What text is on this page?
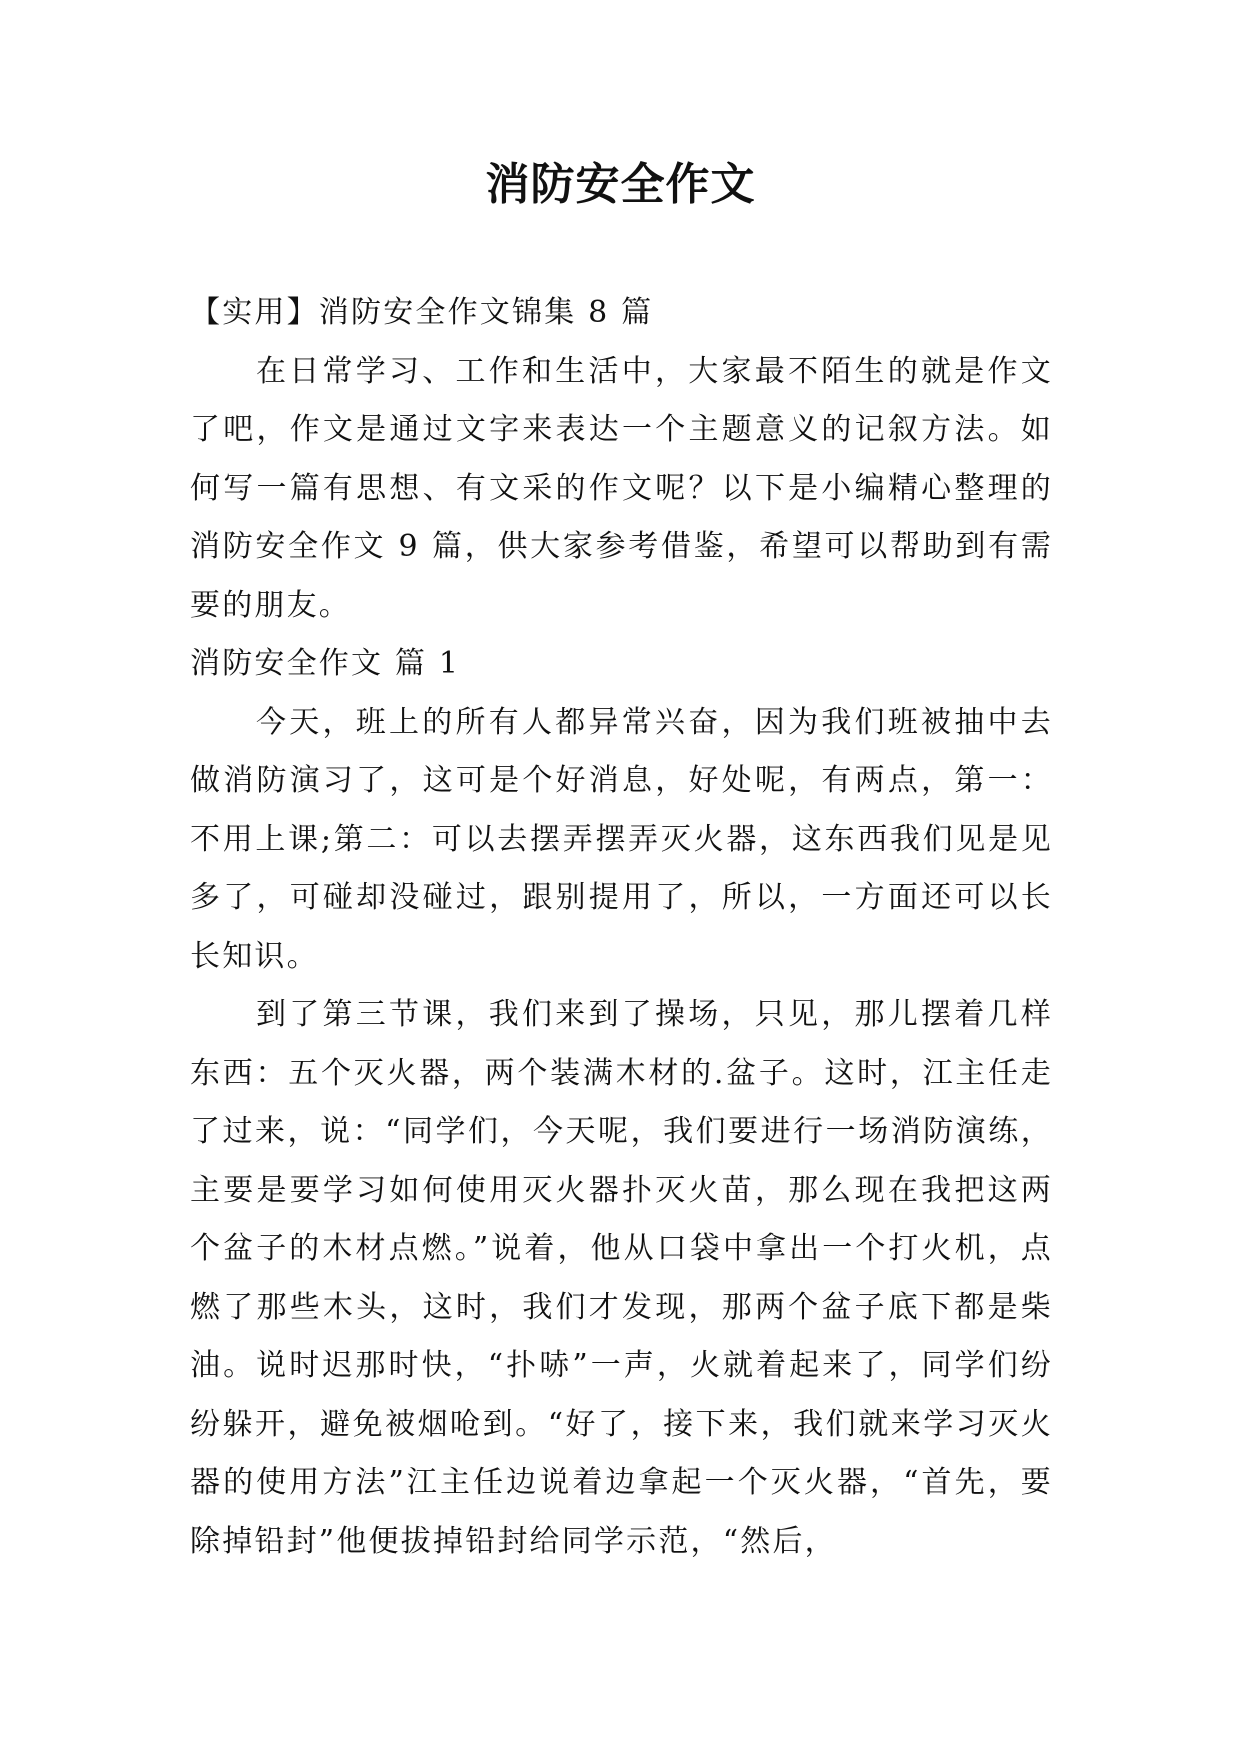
消防安全作文

【实用】消防安全作文锦集 8 篇

在日常学习、工作和生活中，大家最不陌生的就是作文了吧，作文是通过文字来表达一个主题意义的记叙方法。如何写一篇有思想、有文采的作文呢？以下是小编精心整理的消防安全作文 9 篇，供大家参考借鉴，希望可以帮助到有需要的朋友。

消防安全作文 篇 1

今天，班上的所有人都异常兴奋，因为我们班被抽中去做消防演习了，这可是个好消息，好处呢，有两点，第一：不用上课;第二：可以去摆弄摆弄灭火器，这东西我们见是见多了，可碰却没碰过，跟别提用了，所以，一方面还可以长长知识。

到了第三节课，我们来到了操场，只见，那儿摆着几样东西：五个灭火器，两个装满木材的.盆子。这时，江主任走了过来，说：“同学们，今天呢，我们要进行一场消防演练，主要是要学习如何使用灭火器扑灭火苗，那么现在我把这两个盆子的木材点燃。”说着，他从口袋中拿出一个打火机，点燃了那些木头，这时，我们才发现，那两个盆子底下都是柴油。说时迟那时快，“扑哧”一声，火就着起来了，同学们纷纷躲开，避免被烟呛到。“好了，接下来，我们就来学习灭火器的使用方法”江主任边说着边拿起一个灭火器，“首先，要除掉铅封”他便拔掉铅封给同学示范，“然后，
